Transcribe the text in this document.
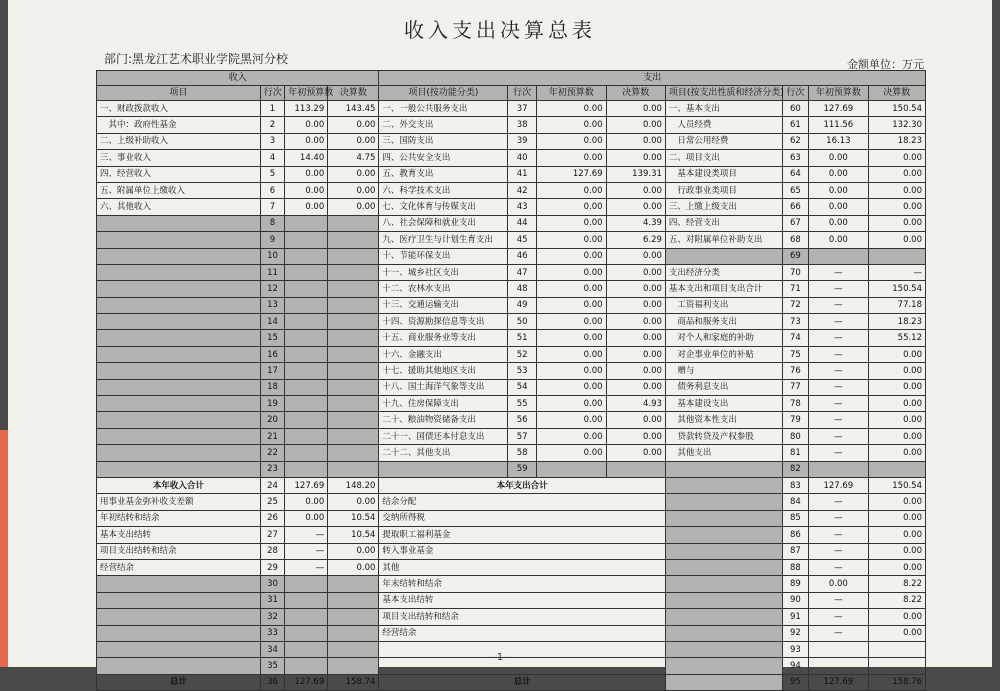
收入支出决算总表
部门:黑龙江艺术职业学院黑河分校	金额单位：万元
—1—
收入				支出							
项目	行次	年初预算数	决算数	项目(按功能分类)	行次	年初预算数	决算数	项目(按支出性质和经济分类)	行次	年初预算数	决算数
一、财政拨款收入	1	113.29	143.45	一、一般公共服务支出	37	0.00	0.00	一、基本支出	60	127.69	150.54
　其中：政府性基金	2	0.00	0.00	二、外交支出	38	0.00	0.00	　人员经费	61	111.56	132.30
二、上级补助收入	3	0.00	0.00	三、国防支出	39	0.00	0.00	　日常公用经费	62	16.13	18.23
三、事业收入	4	14.40	4.75	四、公共安全支出	40	0.00	0.00	二、项目支出	63	0.00	0.00
四、经营收入	5	0.00	0.00	五、教育支出	41	127.69	139.31	　基本建设类项目	64	0.00	0.00
五、附属单位上缴收入	6	0.00	0.00	六、科学技术支出	42	0.00	0.00	　行政事业类项目	65	0.00	0.00
六、其他收入	7	0.00	0.00	七、文化体育与传媒支出	43	0.00	0.00	三、上缴上级支出	66	0.00	0.00
	8			八、社会保障和就业支出	44	0.00	4.39	四、经营支出	67	0.00	0.00
	9			九、医疗卫生与计划生育支出	45	0.00	6.29	五、对附属单位补助支出	68	0.00	0.00
	10			十、节能环保支出	46	0.00	0.00		69		
	11			十一、城乡社区支出	47	0.00	0.00	支出经济分类	70	—	—
	12			十二、农林水支出	48	0.00	0.00	基本支出和项目支出合计	71	—	150.54
	13			十三、交通运输支出	49	0.00	0.00	　工资福利支出	72	—	77.18
	14			十四、资源勘探信息等支出	50	0.00	0.00	　商品和服务支出	73	—	18.23
	15			十五、商业服务业等支出	51	0.00	0.00	　对个人和家庭的补助	74	—	55.12
	16			十六、金融支出	52	0.00	0.00	　对企事业单位的补贴	75	—	0.00
	17			十七、援助其他地区支出	53	0.00	0.00	　赠与	76	—	0.00
	18			十八、国土海洋气象等支出	54	0.00	0.00	　债务利息支出	77	—	0.00
	19			十九、住房保障支出	55	0.00	4.93	　基本建设支出	78	—	0.00
	20			二十、粮油物资储备支出	56	0.00	0.00	　其他资本性支出	79	—	0.00
	21			二十一、国债还本付息支出	57	0.00	0.00	　贷款转贷及产权参股	80	—	0.00
	22			二十二、其他支出	58	0.00	0.00	　其他支出	81	—	0.00
	23				59				82		
本年收入合计	24	127.69	148.20	本年支出合计					83	127.69	150.54
用事业基金弥补收支差额	25	0.00	0.00	结余分配					84	—	0.00
年初结转和结余	26	0.00	10.54	交纳所得税					85	—	0.00
基本支出结转	27	—	10.54	提取职工福利基金					86	—	0.00
项目支出结转和结余	28	—	0.00	转入事业基金					87	—	0.00
经营结余	29	—	0.00	其他					88	—	0.00
	30			年末结转和结余					89	0.00	8.22
	31			基本支出结转					90	—	8.22
	32			项目支出结转和结余					91	—	0.00
	33			经营结余					92	—	0.00
	34								93		
	35								94		
总计	36	127.69	158.74	总计					95	127.69	158.76
